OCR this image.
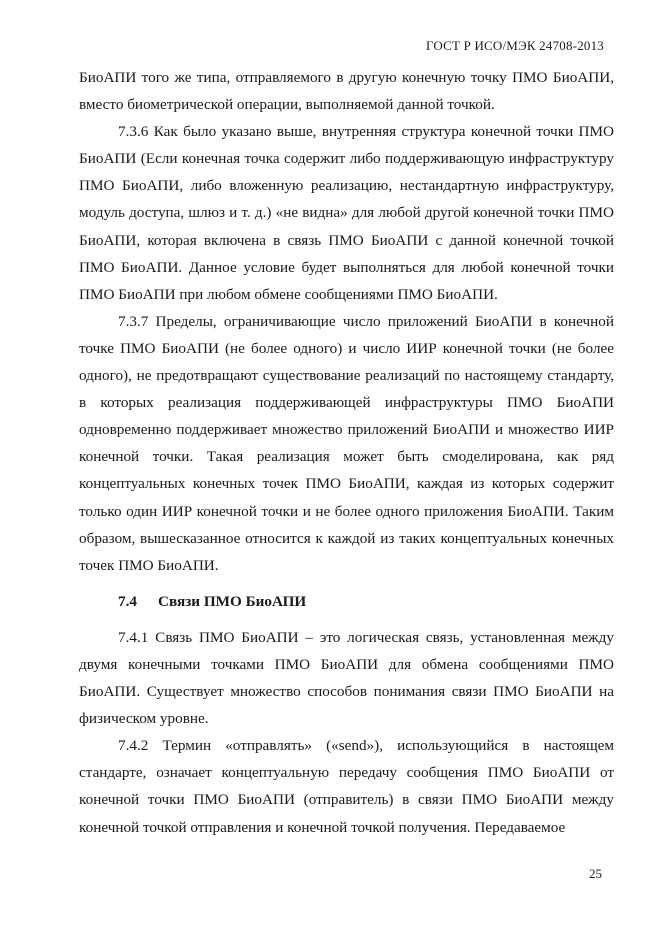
ГОСТ Р ИСО/МЭК 24708-2013

БиоАПИ того же типа, отправляемого в другую конечную точку ПМО БиоАПИ, вместо биометрической операции, выполняемой данной точкой.

7.3.6 Как было указано выше, внутренняя структура конечной точки ПМО БиоАПИ (Если конечная точка содержит либо поддерживающую инфраструктуру ПМО БиоАПИ, либо вложенную реализацию, нестандартную инфраструктуру, модуль доступа, шлюз и т. д.) «не видна» для любой другой конечной точки ПМО БиоАПИ, которая включена в связь ПМО БиоАПИ с данной конечной точкой ПМО БиоАПИ. Данное условие будет выполняться для любой конечной точки ПМО БиоАПИ при любом обмене сообщениями ПМО БиоАПИ.

7.3.7 Пределы, ограничивающие число приложений БиоАПИ в конечной точке ПМО БиоАПИ (не более одного) и число ИИР конечной точки (не более одного), не предотвращают существование реализаций по настоящему стандарту, в которых реализация поддерживающей инфраструктуры ПМО БиоАПИ одновременно поддерживает множество приложений БиоАПИ и множество ИИР конечной точки. Такая реализация может быть смоделирована, как ряд концептуальных конечных точек ПМО БиоАПИ, каждая из которых содержит только один ИИР конечной точки и не более одного приложения БиоАПИ. Таким образом, вышесказанное относится к каждой из таких концептуальных конечных точек ПМО БиоАПИ.

7.4 Связи ПМО БиоАПИ

7.4.1 Связь ПМО БиоАПИ – это логическая связь, установленная между двумя конечными точками ПМО БиоАПИ для обмена сообщениями ПМО БиоАПИ. Существует множество способов понимания связи ПМО БиоАПИ на физическом уровне.

7.4.2 Термин «отправлять» («send»), использующийся в настоящем стандарте, означает концептуальную передачу сообщения ПМО БиоАПИ от конечной точки ПМО БиоАПИ (отправитель) в связи ПМО БиоАПИ между конечной точкой отправления и конечной точкой получения. Передаваемое

25
